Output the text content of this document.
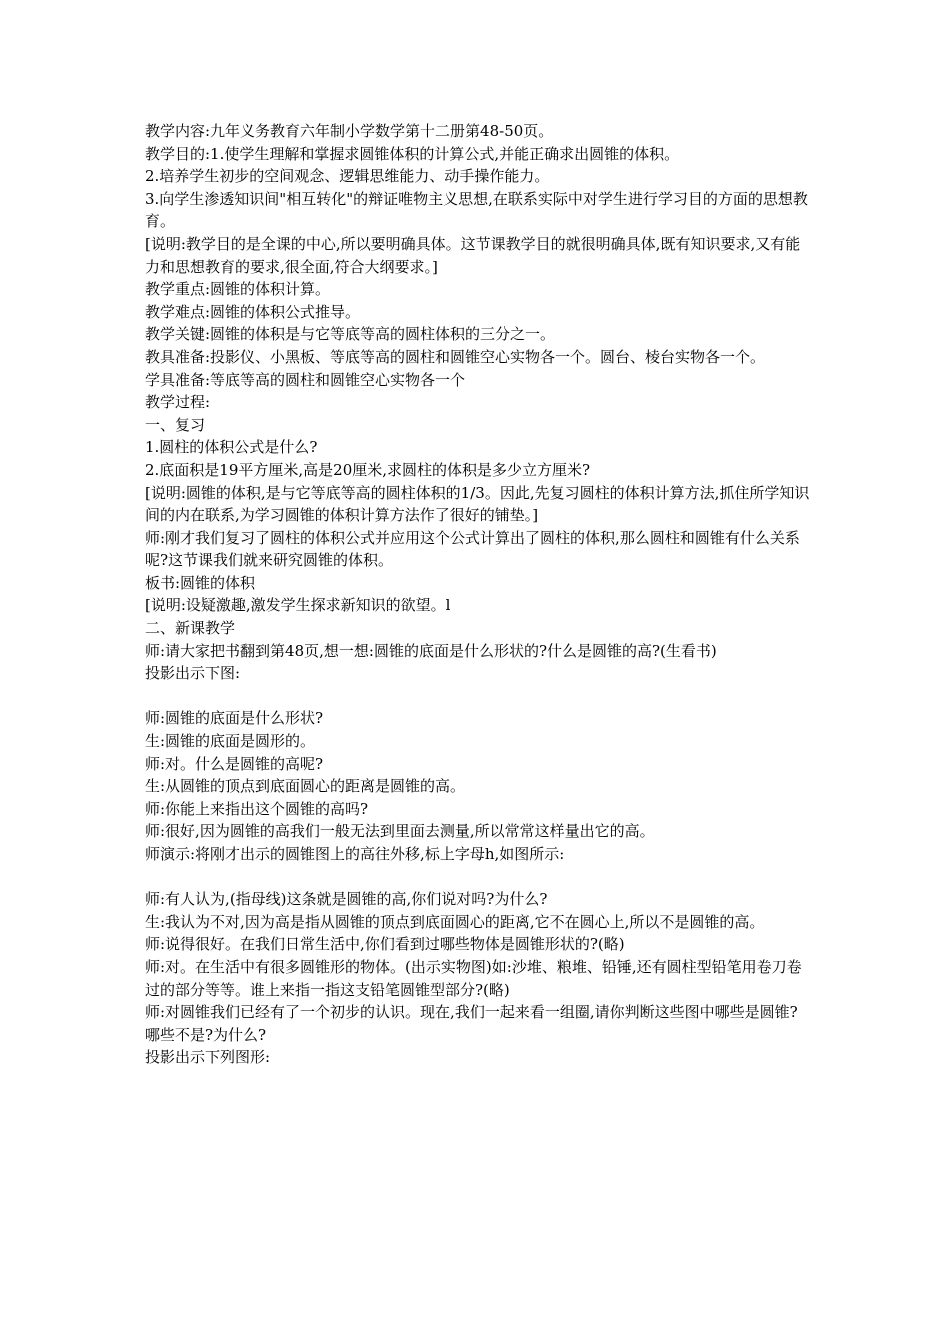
教学内容:九年义务教育六年制小学数学第十二册第48-50页。

教学目的:1.使学生理解和掌握求圆锥体积的计算公式,并能正确求出圆锥的体积。

2.培养学生初步的空间观念、逻辑思维能力、动手操作能力。

3.向学生渗透知识间"相互转化"的辩证唯物主义思想,在联系实际中对学生进行学习目的方面的思想教育。

[说明:教学目的是全课的中心,所以要明确具体。这节课教学目的就很明确具体,既有知识要求,又有能力和思想教育的要求,很全面,符合大纲要求。]

教学重点:圆锥的体积计算。

教学难点:圆锥的体积公式推导。

教学关键:圆锥的体积是与它等底等高的圆柱体积的三分之一。

教具准备:投影仪、小黑板、等底等高的圆柱和圆锥空心实物各一个。圆台、棱台实物各一个。

学具准备:等底等高的圆柱和圆锥空心实物各一个

教学过程:

一、复习

1.圆柱的体积公式是什么?

2.底面积是19平方厘米,高是20厘米,求圆柱的体积是多少立方厘米?

[说明:圆锥的体积,是与它等底等高的圆柱体积的1/3。因此,先复习圆柱的体积计算方法,抓住所学知识间的内在联系,为学习圆锥的体积计算方法作了很好的铺垫。]

师:刚才我们复习了圆柱的体积公式并应用这个公式计算出了圆柱的体积,那么圆柱和圆锥有什么关系呢?这节课我们就来研究圆锥的体积。

板书:圆锥的体积

[说明:设疑激趣,激发学生探求新知识的欲望。l

二、新课教学

师:请大家把书翻到第48页,想一想:圆锥的底面是什么形状的?什么是圆锥的高?(生看书)

投影出示下图:

师:圆锥的底面是什么形状?

生:圆锥的底面是圆形的。

师:对。什么是圆锥的高呢?

生:从圆锥的顶点到底面圆心的距离是圆锥的高。

师:你能上来指出这个圆锥的高吗?

师:很好,因为圆锥的高我们一般无法到里面去测量,所以常常这样量出它的高。

师演示:将刚才出示的圆锥图上的高往外移,标上字母h,如图所示:

师:有人认为,(指母线)这条就是圆锥的高,你们说对吗?为什么?

生:我认为不对,因为高是指从圆锥的顶点到底面圆心的距离,它不在圆心上,所以不是圆锥的高。

师:说得很好。在我们日常生活中,你们看到过哪些物体是圆锥形状的?(略)

师:对。在生活中有很多圆锥形的物体。(出示实物图)如:沙堆、粮堆、铅锤,还有圆柱型铅笔用卷刀卷过的部分等等。谁上来指一指这支铅笔圆锥型部分?(略)

师:对圆锥我们已经有了一个初步的认识。现在,我们一起来看一组圈,请你判断这些图中哪些是圆锥?哪些不是?为什么?

投影出示下列图形:
